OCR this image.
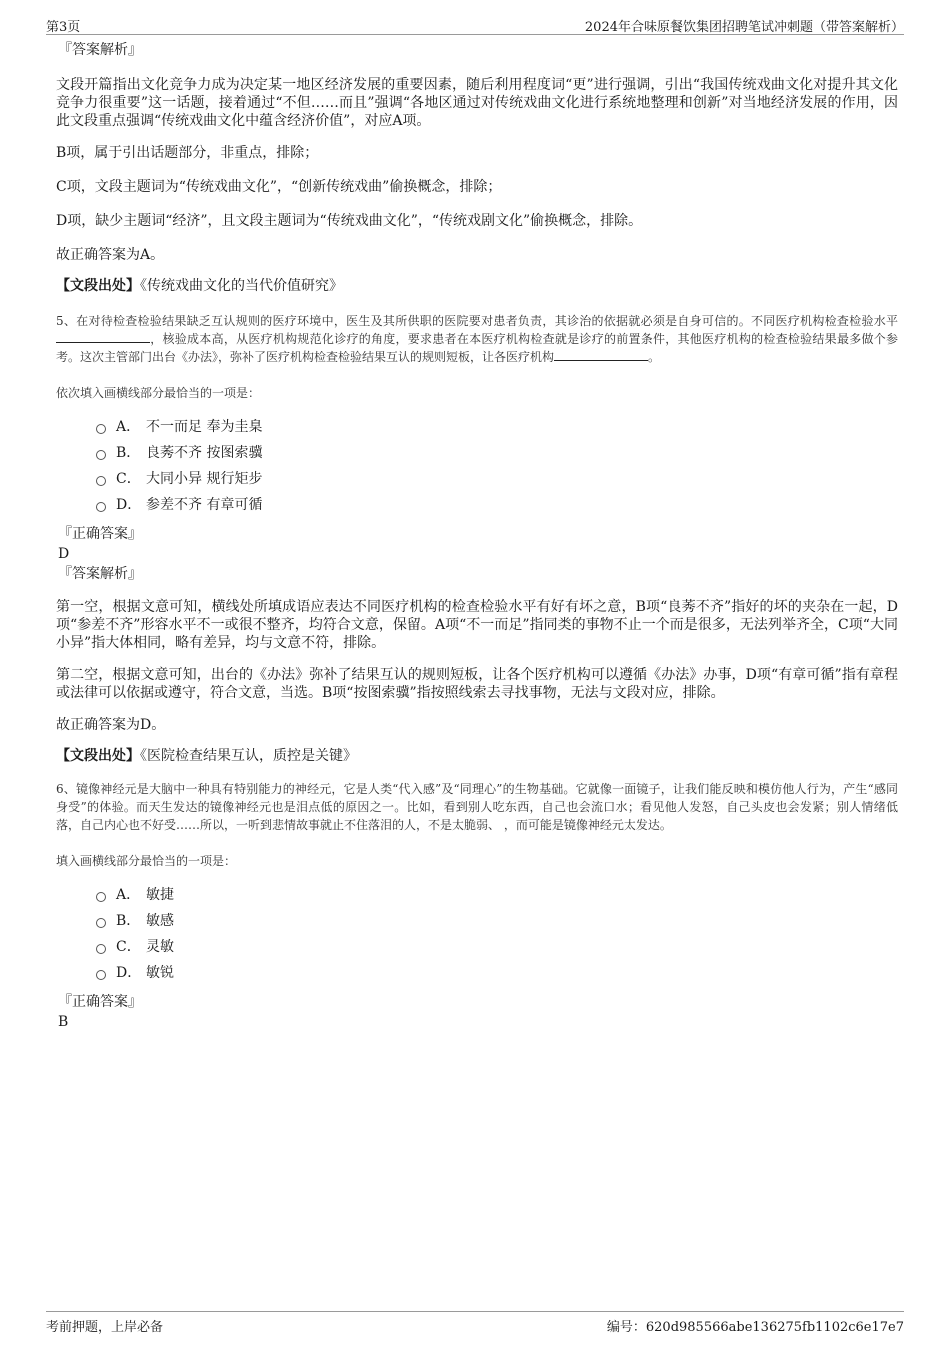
第3页	2024年合味原餐饮集团招聘笔试冲刺题（带答案解析）
『答案解析』

文段开篇指出文化竞争力成为决定某一地区经济发展的重要因素，随后利用程度词“更”进行强调，引出“我国传统戏曲文化对提升其文化竞争力很重要”这一话题，接着通过“不但……而且”强调“各地区通过对传统戏曲文化进行系统地整理和创新”对当地经济发展的作用，因此文段重点强调“传统戏曲文化中蕴含经济价值”，对应A项。

B项，属于引出话题部分，非重点，排除；

C项，文段主题词为“传统戏曲文化”，“创新传统戏曲”偷换概念，排除；

D项，缺少主题词“经济”，且文段主题词为“传统戏曲文化”，“传统戏剧文化”偷换概念，排除。

故正确答案为A。

【文段出处】《传统戏曲文化的当代价值研究》
5、在对待检查检验结果缺乏互认规则的医疗环境中，医生及其所供职的医院要对患者负责，其诊治的依据就必须是自身可信的。不同医疗机构检查检验水平，核验成本高，从医疗机构规范化诊疗的角度，要求患者在本医疗机构检查就是诊疗的前置条件，其他医疗机构的检查检验结果最多做个参考。这次主管部门出台《办法》，弥补了医疗机构检查检验结果互认的规则短板，让各医疗机构	。
依次填入画横线部分最恰当的一项是：
A． 不一而足 奉为圭臬
B． 良莠不齐 按图索骥
C． 大同小异 规行矩步
D． 参差不齐 有章可循
『正确答案』
D
『答案解析』

第一空，根据文意可知，横线处所填成语应表达不同医疗机构的检查检验水平有好有坏之意，B项“良莠不齐”指好的坏的夹杂在一起，D项“参差不齐”形容水平不一或很不整齐，均符合文意，保留。A项“不一而足”指同类的事物不止一个而是很多，无法列举齐全，C项“大同小异”指大体相同，略有差异，均与文意不符，排除。

第二空，根据文意可知，出台的《办法》弥补了结果互认的规则短板，让各个医疗机构可以遵循《办法》办事，D项“有章可循”指有章程或法律可以依据或遵守，符合文意，当选。B项“按图索骥”指按照线索去寻找事物，无法与文段对应，排除。

故正确答案为D。

【文段出处】《医院检查结果互认，质控是关键》
6、镜像神经元是大脑中一种具有特别能力的神经元，它是人类“代入感”及“同理心”的生物基础。它就像一面镜子，让我们能反映和模仿他人行为，产生“感同身受”的体验。而天生发达的镜像神经元也是泪点低的原因之一。比如，看到别人吃东西，自己也会流口水；看见他人发怒，自己头皮也会发紧；别人情绪低落，自己内心也不好受……所以，一听到悲情故事就止不住落泪的人，不是太脆弱、 ，而可能是镜像神经元太发达。
填入画横线部分最恰当的一项是：
A． 敏捷
B． 敏感
C． 灵敏
D． 敏锐
『正确答案』
B
考前押题，上岸必备	编号：620d985566abe136275fb1102c6e17e7
